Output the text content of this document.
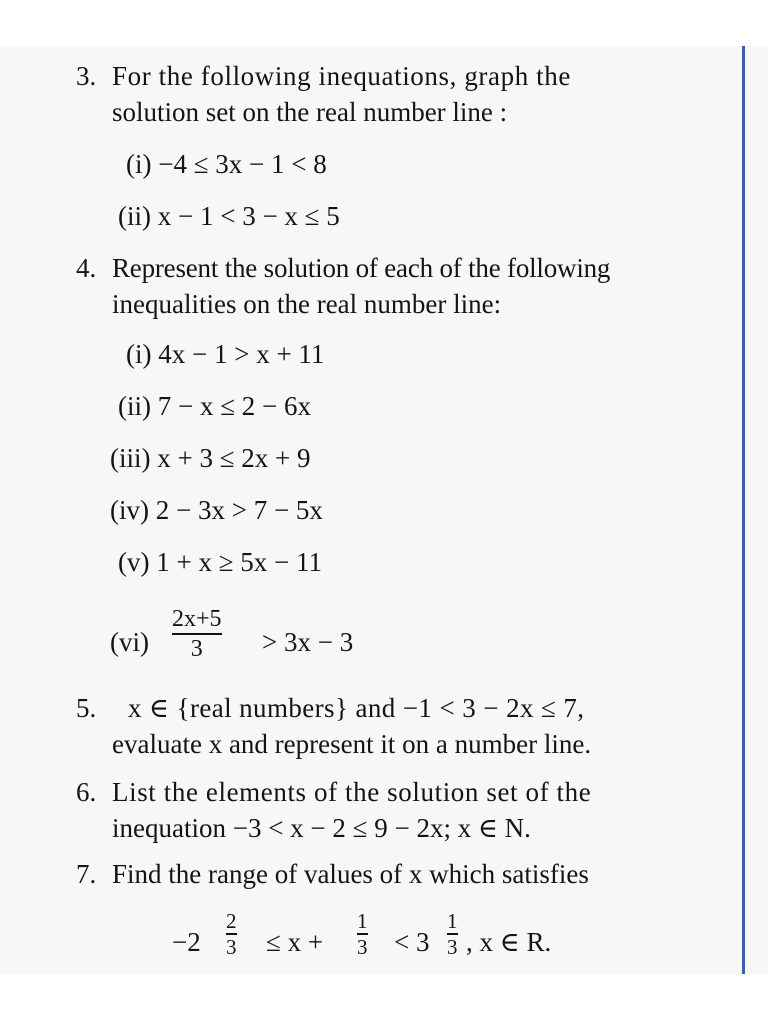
3. For the following inequations, graph the
solution set on the real number line :
(i) −4 ≤ 3x − 1 < 8
(ii) x − 1 < 3 − x ≤ 5
4. Represent the solution of each of the following
inequalities on the real number line:
(i) 4x − 1 > x + 11
(ii) 7 − x ≤ 2 − 6x
(iii) x + 3 ≤ 2x + 9
(iv) 2 − 3x > 7 − 5x
(v) 1 + x ≥ 5x − 11
(vi)
2x+5
3 > 3x − 3
5. x ∈ {real numbers} and −1 < 3 − 2x ≤ 7,
evaluate x and represent it on a number line.
6. List the elements of the solution set of the
inequation −3 < x − 2 ≤ 9 − 2x; x ∈ N.
7. Find the range of values of x which satisfies
−2
2
3 ≤ x +
1
3 < 3
1
3 , x ∈ R.
